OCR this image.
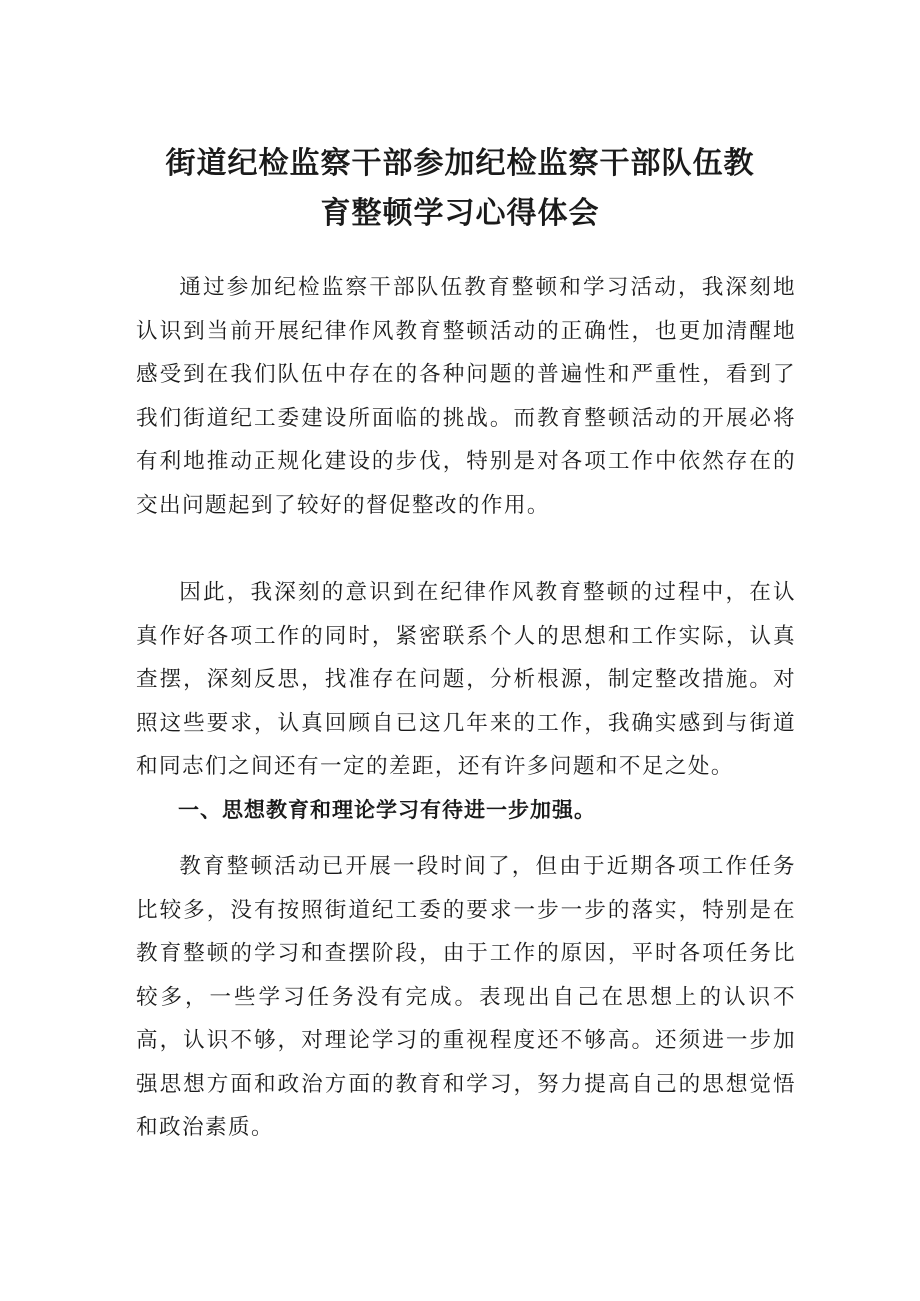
街道纪检监察干部参加纪检监察干部队伍教
育整顿学习心得体会

通过参加纪检监察干部队伍教育整顿和学习活动，我深刻地认识到当前开展纪律作风教育整顿活动的正确性，也更加清醒地感受到在我们队伍中存在的各种问题的普遍性和严重性，看到了我们街道纪工委建设所面临的挑战。而教育整顿活动的开展必将有利地推动正规化建设的步伐，特别是对各项工作中依然存在的交出问题起到了较好的督促整改的作用。

因此，我深刻的意识到在纪律作风教育整顿的过程中，在认真作好各项工作的同时，紧密联系个人的思想和工作实际，认真查摆，深刻反思，找准存在问题，分析根源，制定整改措施。对照这些要求，认真回顾自已这几年来的工作，我确实感到与街道和同志们之间还有一定的差距，还有许多问题和不足之处。

一、思想教育和理论学习有待进一步加强。

教育整顿活动已开展一段时间了，但由于近期各项工作任务比较多，没有按照街道纪工委的要求一步一步的落实，特别是在教育整顿的学习和查摆阶段，由于工作的原因，平时各项任务比较多，一些学习任务没有完成。表现出自己在思想上的认识不高，认识不够，对理论学习的重视程度还不够高。还须进一步加强思想方面和政治方面的教育和学习，努力提高自己的思想觉悟和政治素质。
